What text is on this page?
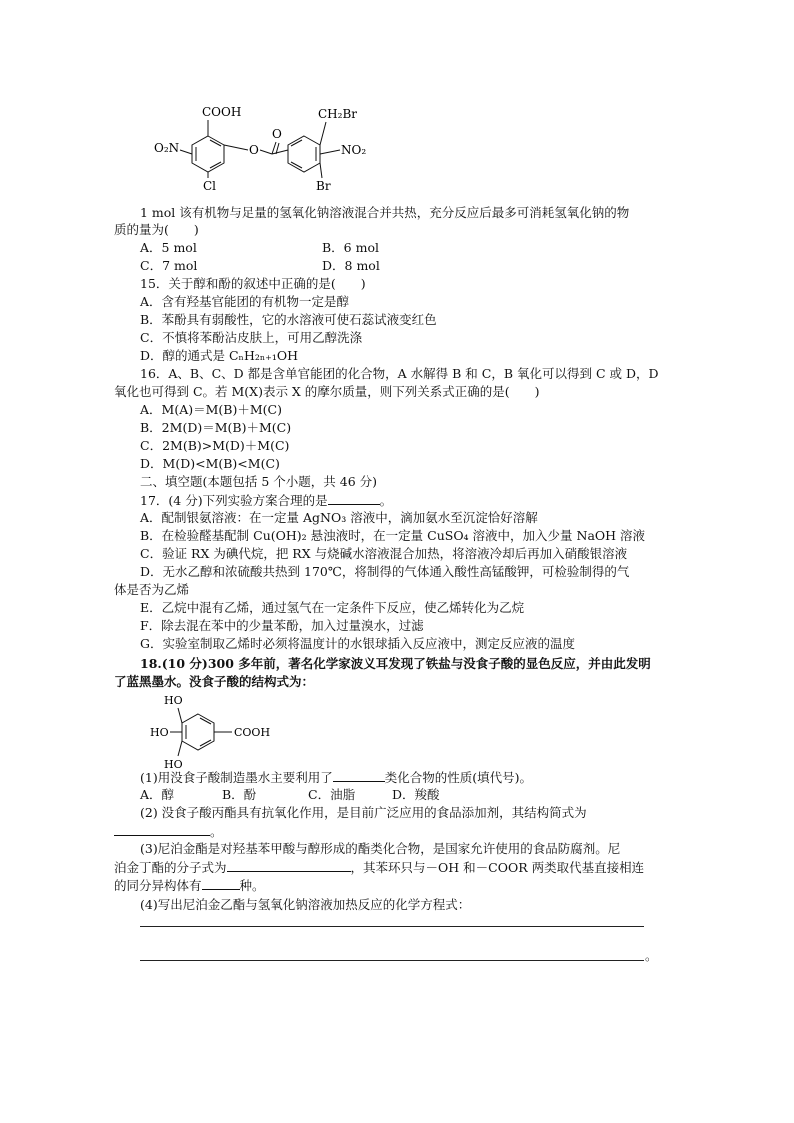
COOH
O₂N
Cl
O
O
CH₂Br
NO₂
Br
1 mol 该有机物与足量的氢氧化钠溶液混合并共热，充分反应后最多可消耗氢氧化钠的物
质的量为(　　)
A．5 mol	B．6 mol
C．7 mol	D．8 mol
15．关于醇和酚的叙述中正确的是(　　)
A．含有羟基官能团的有机物一定是醇
B．苯酚具有弱酸性，它的水溶液可使石蕊试液变红色
C．不慎将苯酚沾皮肤上，可用乙醇洗涤
D．醇的通式是 CₙH₂ₙ₊₁OH
16．A、B、C、D 都是含单官能团的化合物，A 水解得 B 和 C，B 氧化可以得到 C 或 D，D
氧化也可得到 C。若 M(X)表示 X 的摩尔质量，则下列关系式正确的是(　　)
A．M(A)＝M(B)＋M(C)
B．2M(D)＝M(B)＋M(C)
C．2M(B)>M(D)＋M(C)
D．M(D)<M(B)<M(C)
二、填空题(本题包括 5 个小题，共 46 分)
17．(4 分)下列实验方案合理的是	。
A．配制银氨溶液：在一定量 AgNO₃ 溶液中，滴加氨水至沉淀恰好溶解
B．在检验醛基配制 Cu(OH)₂ 悬浊液时，在一定量 CuSO₄ 溶液中，加入少量 NaOH 溶液
C．验证 RX 为碘代烷，把 RX 与烧碱水溶液混合加热，将溶液冷却后再加入硝酸银溶液
D．无水乙醇和浓硫酸共热到 170℃，将制得的气体通入酸性高锰酸钾，可检验制得的气
体是否为乙烯
E．乙烷中混有乙烯，通过氢气在一定条件下反应，使乙烯转化为乙烷
F．除去混在苯中的少量苯酚，加入过量溴水，过滤
G．实验室制取乙烯时必须将温度计的水银球插入反应液中，测定反应液的温度
18.(10 分)300 多年前，著名化学家波义耳发现了铁盐与没食子酸的显色反应，并由此发明
了蓝黑墨水。没食子酸的结构式为：
HO
HO
HO
COOH
(1)用没食子酸制造墨水主要利用了	类化合物的性质(填代号)。
A．醇	B．酚	C．油脂	D．羧酸
(2) 没食子酸丙酯具有抗氧化作用，是目前广泛应用的食品添加剂，其结构简式为
。
(3)尼泊金酯是对羟基苯甲酸与醇形成的酯类化合物，是国家允许使用的食品防腐剂。尼
泊金丁酯的分子式为	，其苯环只与－OH 和－COOR 两类取代基直接相连
的同分异构体有	种。
(4)写出尼泊金乙酯与氢氧化钠溶液加热反应的化学方程式：
。
